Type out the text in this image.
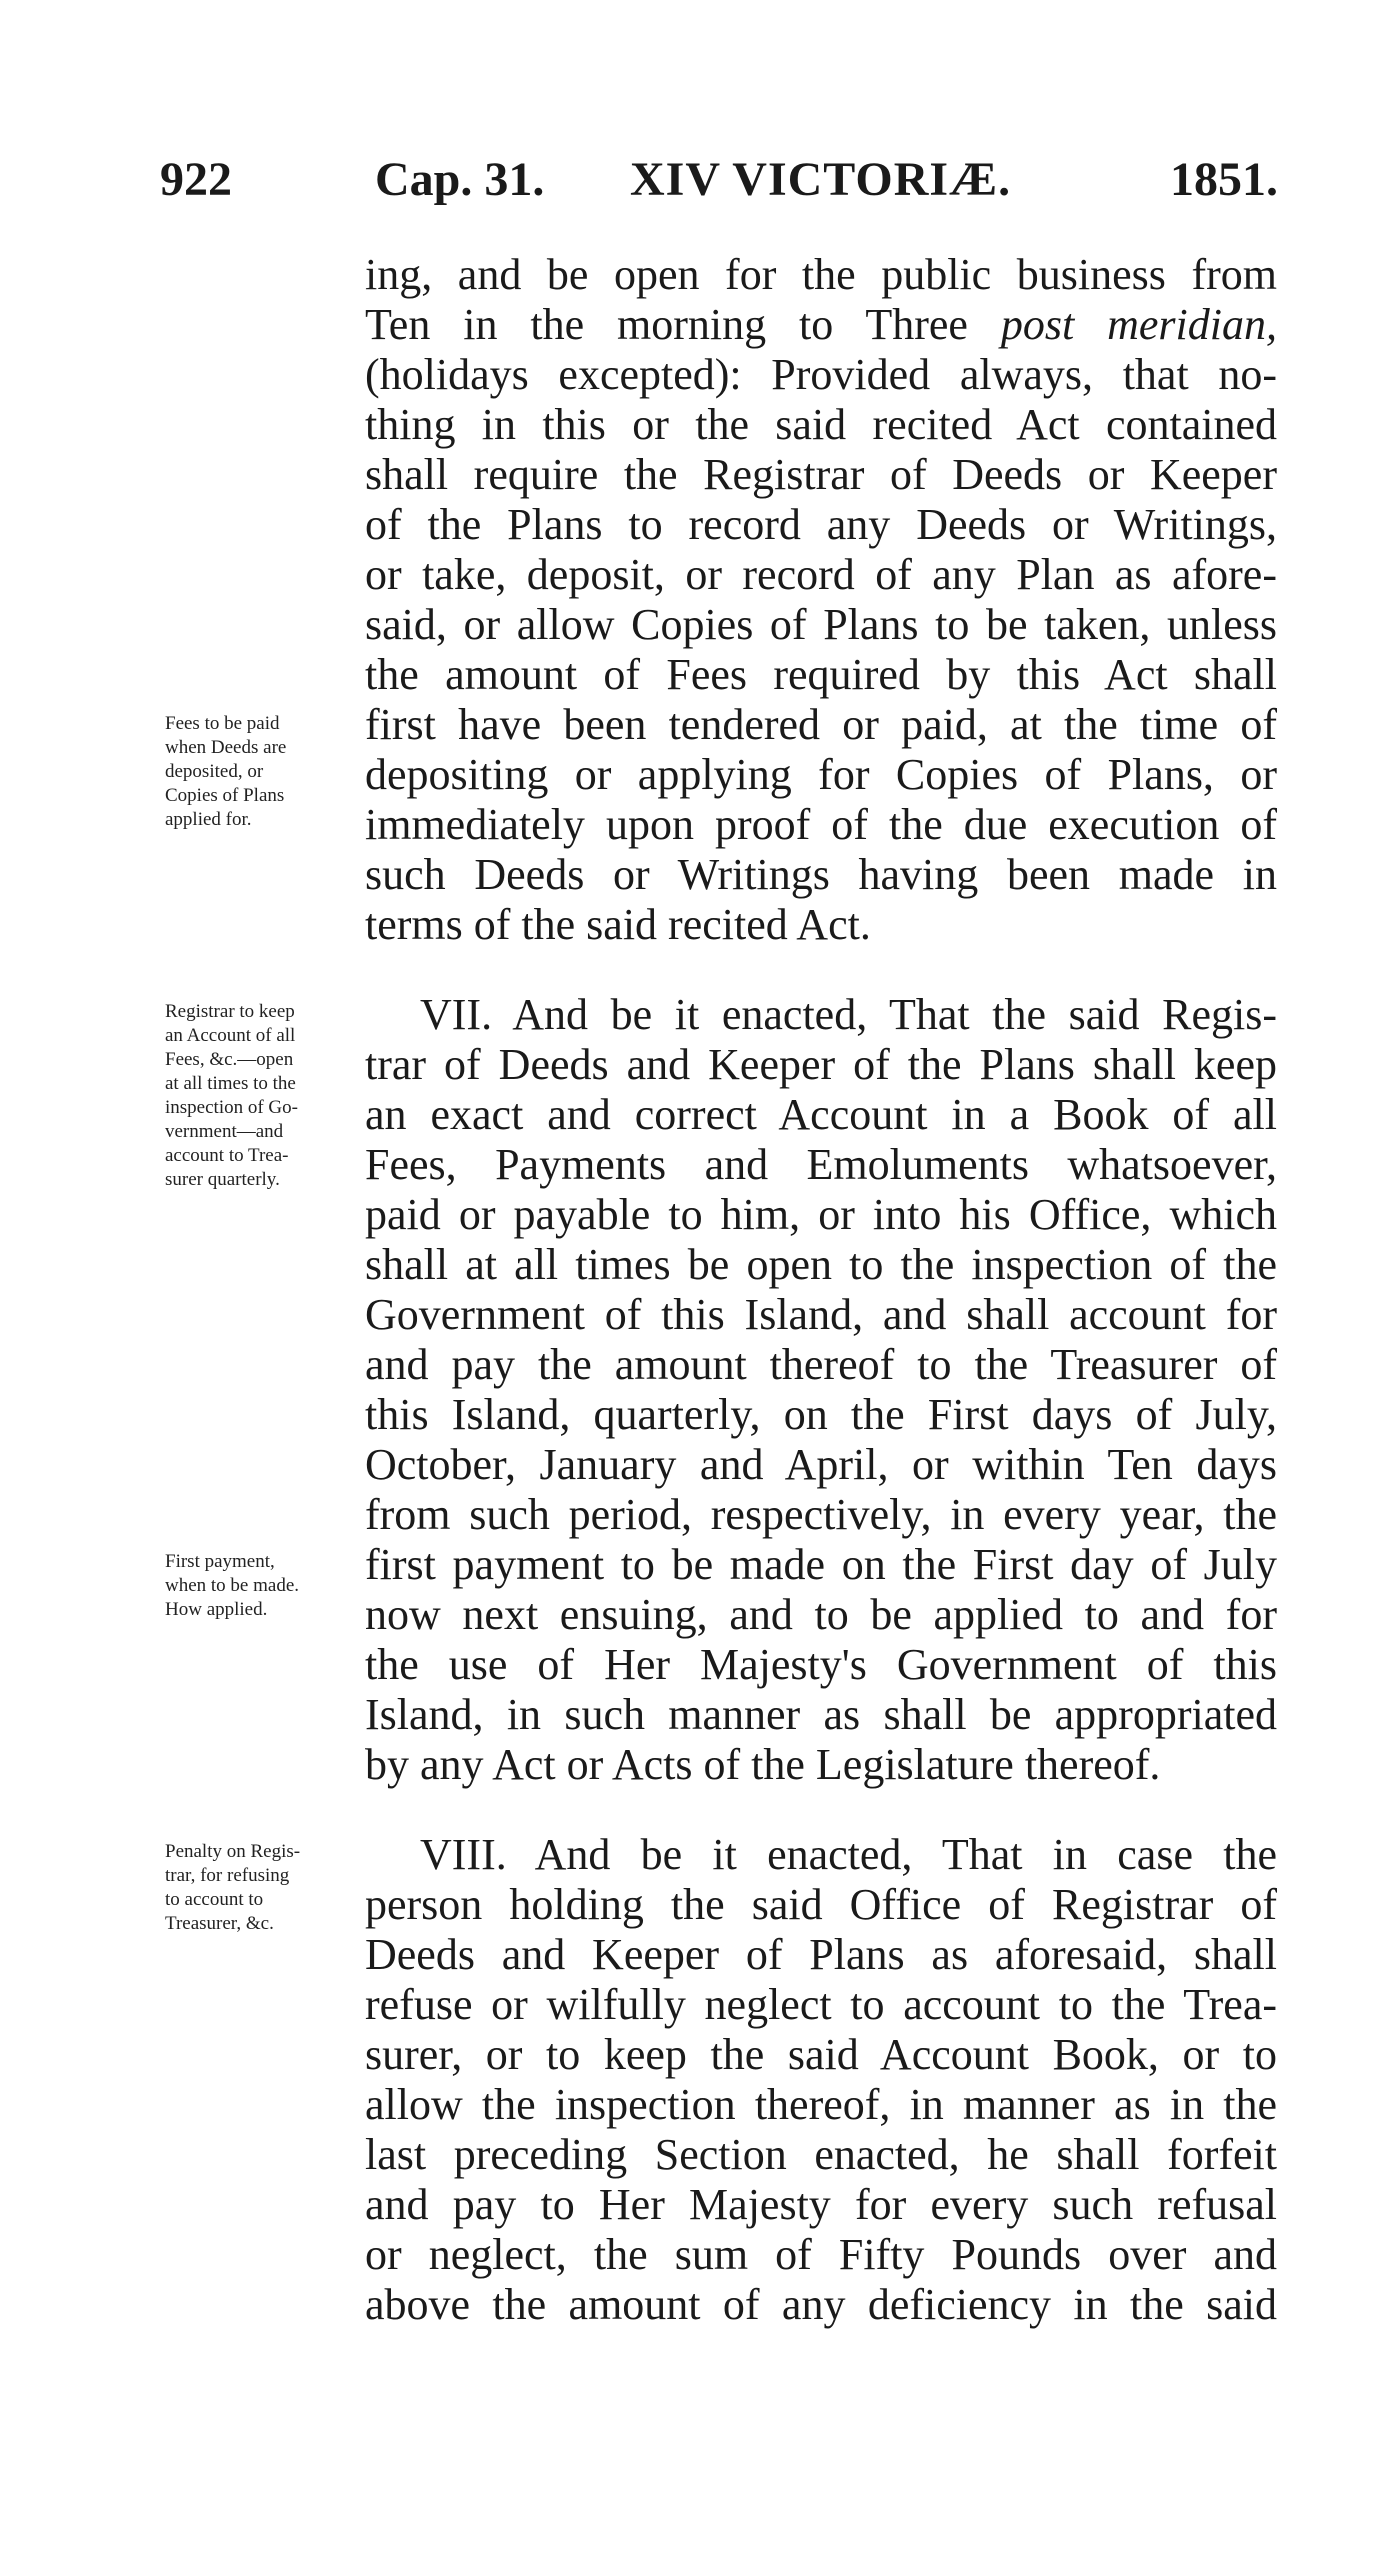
922	Cap. 31. XIV VICTORIÆ.	1851.
ing, and be open for the public business from
Ten in the morning to Three post meridian,
(holidays excepted): Provided always, that no-
thing in this or the said recited Act contained
shall require the Registrar of Deeds or Keeper
of the Plans to record any Deeds or Writings,
or take, deposit, or record of any Plan as afore-
said, or allow Copies of Plans to be taken, unless
the amount of Fees required by this Act shall
first have been tendered or paid, at the time of
depositing or applying for Copies of Plans, or
immediately upon proof of the due execution of
such Deeds or Writings having been made in
terms of the said recited Act.
Fees to be paid
when Deeds are
deposited, or
Copies of Plans
applied for.
VII. And be it enacted, That the said Regis-
trar of Deeds and Keeper of the Plans shall keep
an exact and correct Account in a Book of all
Fees, Payments and Emoluments whatsoever,
paid or payable to him, or into his Office, which
shall at all times be open to the inspection of the
Government of this Island, and shall account for
and pay the amount thereof to the Treasurer of
this Island, quarterly, on the First days of July,
October, January and April, or within Ten days
from such period, respectively, in every year, the
first payment to be made on the First day of July
now next ensuing, and to be applied to and for
the use of Her Majesty's Government of this
Island, in such manner as shall be appropriated
by any Act or Acts of the Legislature thereof.
Registrar to keep
an Account of all
Fees, &c.—open
at all times to the
inspection of Go-
vernment—and
account to Trea-
surer quarterly.
First payment,
when to be made.
How applied.
VIII. And be it enacted, That in case the
person holding the said Office of Registrar of
Deeds and Keeper of Plans as aforesaid, shall
refuse or wilfully neglect to account to the Trea-
surer, or to keep the said Account Book, or to
allow the inspection thereof, in manner as in the
last preceding Section enacted, he shall forfeit
and pay to Her Majesty for every such refusal
or neglect, the sum of Fifty Pounds over and
above the amount of any deficiency in the said
Penalty on Regis-
trar, for refusing
to account to
Treasurer, &c.
